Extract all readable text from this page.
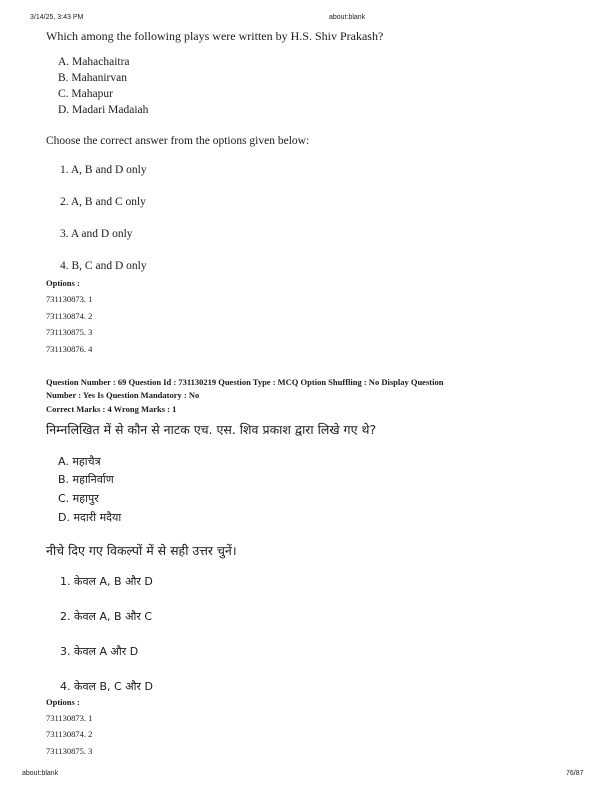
3/14/25, 3:43 PM	about:blank
Which among the following plays were written by H.S. Shiv Prakash?
A. Mahachaitra
B. Mahanirvan
C. Mahapur
D. Madari Madaiah
Choose the correct answer from the options given below:
1. A, B and D only
2. A, B and C only
3. A and D only
4. B, C and D only
Options :
731130873. 1
731130874. 2
731130875. 3
731130876. 4
Question Number : 69 Question Id : 731130219 Question Type : MCQ Option Shuffling : No Display Question
Number : Yes Is Question Mandatory : No
Correct Marks : 4 Wrong Marks : 1
निम्नलिखित में से कौन से नाटक एच. एस. शिव प्रकाश द्वारा लिखे गए थे?
A. महाचैत्र
B. महानिर्वाण
C. महापुर
D. मदारी मदैया
नीचे दिए गए विकल्पों में से सही उत्तर चुनें।
1. केवल A, B और D
2. केवल A, B और C
3. केवल A और D
4. केवल B, C और D
Options :
731130873. 1
731130874. 2
731130875. 3
about:blank	76/87
